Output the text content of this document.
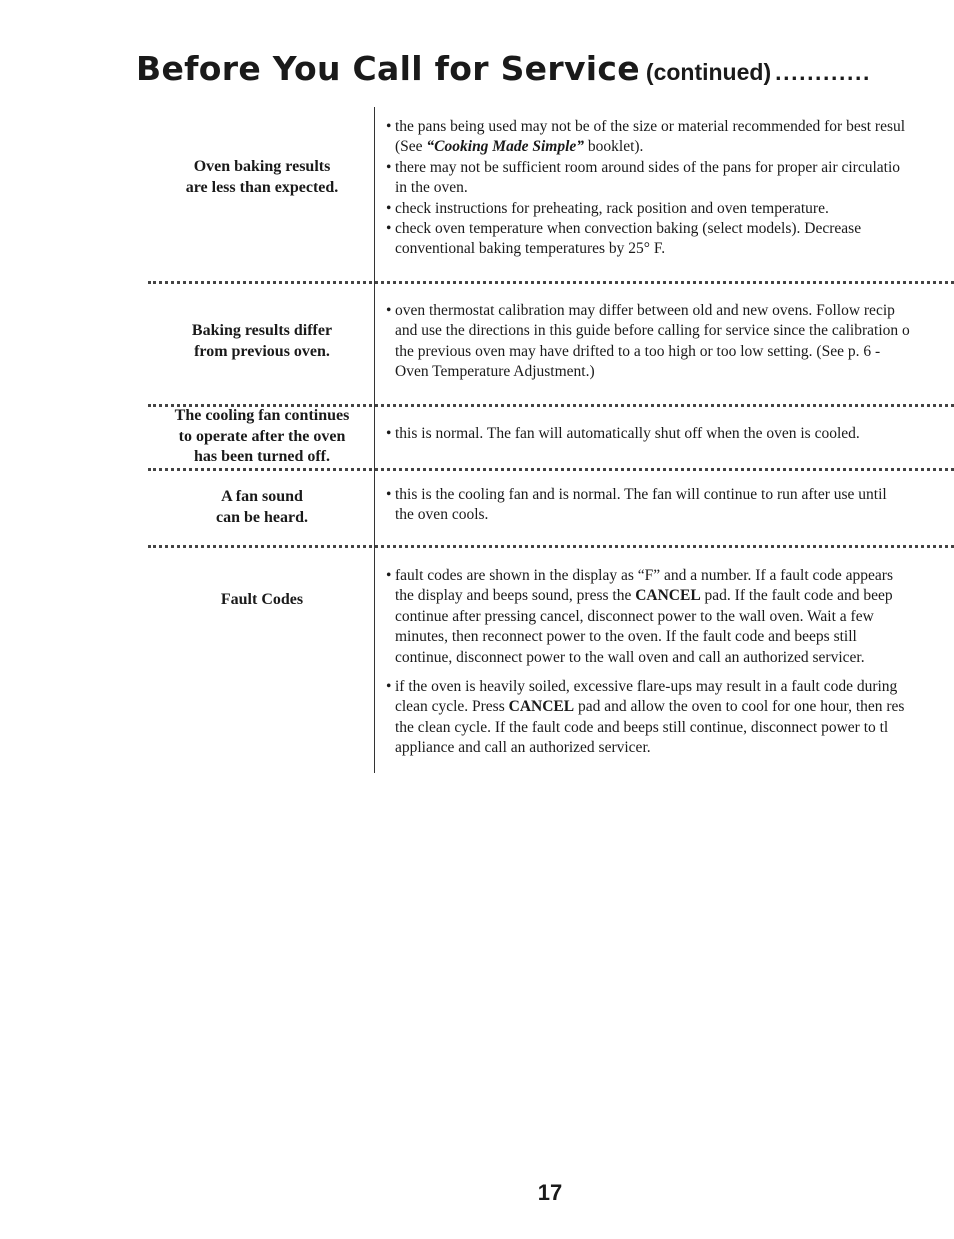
Before You Call for Service (continued) ............
Oven baking results
are less than expected.
• the pans being used may not be of the size or material recommended for best resul
(See “Cooking Made Simple” booklet).
• there may not be sufficient room around sides of the pans for proper air circulatio
in the oven.
• check instructions for preheating, rack position and oven temperature.
• check oven temperature when convection baking (select models). Decrease
conventional baking temperatures by 25° F.
Baking results differ
from previous oven.
• oven thermostat calibration may differ between old and new ovens. Follow recip
and use the directions in this guide before calling for service since the calibration o
the previous oven may have drifted to a too high or too low setting. (See p. 6 -
Oven Temperature Adjustment.)
The cooling fan continues
to operate after the oven
has been turned off.
• this is normal. The fan will automatically shut off when the oven is cooled.
A fan sound
can be heard.
• this is the cooling fan and is normal. The fan will continue to run after use until
the oven cools.
Fault Codes
• fault codes are shown in the display as “F” and a number. If a fault code appears
the display and beeps sound, press the CANCEL pad. If the fault code and beep
continue after pressing cancel, disconnect power to the wall oven. Wait a few
minutes, then reconnect power to the oven. If the fault code and beeps still
continue, disconnect power to the wall oven and call an authorized servicer.
• if the oven is heavily soiled, excessive flare-ups may result in a fault code during
clean cycle. Press CANCEL pad and allow the oven to cool for one hour, then res
the clean cycle. If the fault code and beeps still continue, disconnect power to tl
appliance and call an authorized servicer.
17
